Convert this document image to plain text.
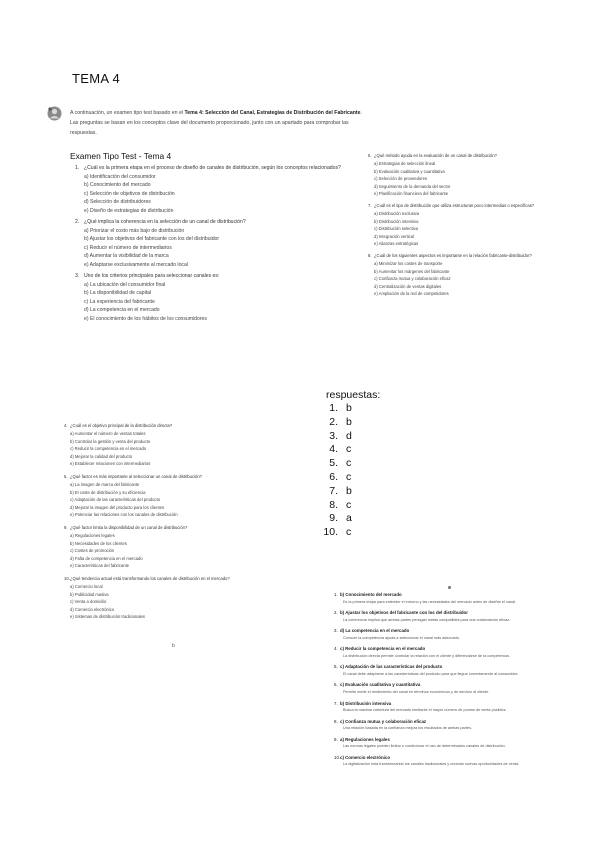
TEMA 4
A continuación, un examen tipo test basado en el Tema 4: Selección del Canal, Estrategias de Distribución del Fabricante. Las preguntas se basan en los conceptos clave del documento proporcionado, junto con un apartado para comprobar las respuestas.
Examen Tipo Test - Tema 4
1. ¿Cuál es la primera etapa en el proceso de diseño de canales de distribución, según los conceptos relacionados?
a) Identificación del consumidor
b) Conocimiento del mercado
c) Selección de objetivos de distribución
d) Selección de distribuidores
e) Diseño de estrategias de distribución
2. ¿Qué implica la coherencia en la selección de un canal de distribución?
a) Priorizar el costo más bajo de distribución
b) Ajustar los objetivos del fabricante con los del distribuidor
c) Reducir el número de intermediarios
d) Aumentar la visibilidad de la marca
e) Adaptarse exclusivamente al mercado local
3. Uno de los criterios principales para seleccionar canales es:
a) La ubicación del consumidor final
b) La disponibilidad de capital
c) La experiencia del fabricante
d) La competencia en el mercado
e) El conocimiento de los hábitos de los consumidores
6. ¿Qué método ayuda en la evaluación de un canal de distribución?
a) Estrategias de selección lineal
b) Evaluación cualitativa y cuantitativa
c) Selección de proveedores
d) Seguimiento de la demanda del sector
e) Planificación financiera del fabricante
7. ¿Cuál es el tipo de distribución que utiliza estructuras poco intermedias o específicas?
a) Distribución exclusiva
b) Distribución intensiva
c) Distribución selectiva
d) Integración vertical
e) Alianzas estratégicas
8. ¿Cuál de los siguientes aspectos es importante en la relación fabricante-distribuidor?
a) Minimizar los costes de transporte
b) Aumentar los márgenes del fabricante
c) Confianza mutua y colaboración eficaz
d) Centralización de ventas digitales
e) Ampliación de la red de competidores
respuestas:
1. b
2. b
3. d
4. c
5. c
6. c
7. b
8. c
9. a
10. c
4. ¿Cuál es el objetivo principal de la distribución directa?
a) Aumentar el número de ventas totales
b) Controlar la gestión y venta del producto
c) Reducir la competencia en el mercado
d) Mejorar la calidad del producto
e) Establecer relaciones con intermediarios
5. ¿Qué factor es más importante al seleccionar un canal de distribución?
a) La imagen de marca del fabricante
b) El coste de distribución y su eficiencia
c) Adaptación de las características del producto
d) Mejorar la imagen del producto para los clientes
e) Potenciar las relaciones con los canales de distribución
9. ¿Qué factor limita la disponibilidad de un canal de distribución?
a) Regulaciones legales
b) Necesidades de los clientes
c) Costes de promoción
d) Falta de competencia en el mercado
e) Características del fabricante
10. ¿Qué tendencia actual está transformando los canales de distribución en el mercado?
a) Comercio local
b) Publicidad masiva
c) Venta a domicilio
d) Comercio electrónico
e) Sistemas de distribución tradicionales
b
1. b) Conocimiento del mercado
Es la primera etapa para entender el entorno y las necesidades del mercado antes de diseñar el canal.
2. b) Ajustar los objetivos del fabricante con los del distribuidor
La coherencia implica que ambas partes persigan metas compatibles para una colaboración eficaz.
3. d) La competencia en el mercado
Conocer la competencia ayuda a seleccionar el canal más adecuado.
4. c) Reducir la competencia en el mercado
La distribución directa permite controlar la relación con el cliente y diferenciarse de la competencia.
5. c) Adaptación de las características del producto
El canal debe adaptarse a las características del producto para que llegue correctamente al consumidor.
6. c) Evaluación cualitativa y cuantitativa
Permite medir el rendimiento del canal en términos económicos y de servicio al cliente.
7. b) Distribución intensiva
Busca la máxima cobertura del mercado mediante el mayor número de puntos de venta posibles.
8. c) Confianza mutua y colaboración eficaz
Una relación basada en la confianza mejora los resultados de ambas partes.
9. a) Regulaciones legales
Las normas legales pueden limitar o condicionar el uso de determinados canales de distribución.
10. c) Comercio electrónico
La digitalización está transformando los canales tradicionales y creando nuevas oportunidades de venta.
